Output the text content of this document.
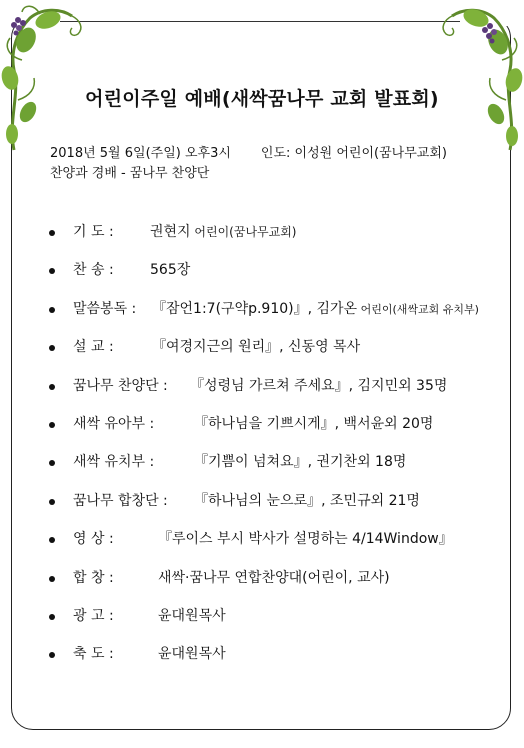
어린이주일 예배(새싹꿈나무 교회 발표회)
2018년 5월 6일(주일) 오후3시 인도: 이성원 어린이(꿈나무교회)
찬양과 경배 - 꿈나무 찬양단
기 도 :	권현지 어린이(꿈나무교회)
찬 송 :	565장
말씀봉독 : 『잠언1:7(구약p.910)』, 김가온 어린이(새싹교회 유치부)
설 교 :	『여경지근의 원리』, 신동영 목사
꿈나무 찬양단 : 『성령님 가르쳐 주세요』, 김지민외 35명
새싹 유아부 :	『하나님을 기쁘시게』, 백서윤외 20명
새싹 유치부 :	『기쁨이 넘쳐요』, 권기찬외 18명
꿈나무 합창단 : 『하나님의 눈으로』, 조민규외 21명
영 상 :	『루이스 부시 박사가 설명하는 4/14Window』
합 창 :	새싹·꿈나무 연합찬양대(어린이, 교사)
광 고 :	윤대원목사
축 도 :	윤대원목사
